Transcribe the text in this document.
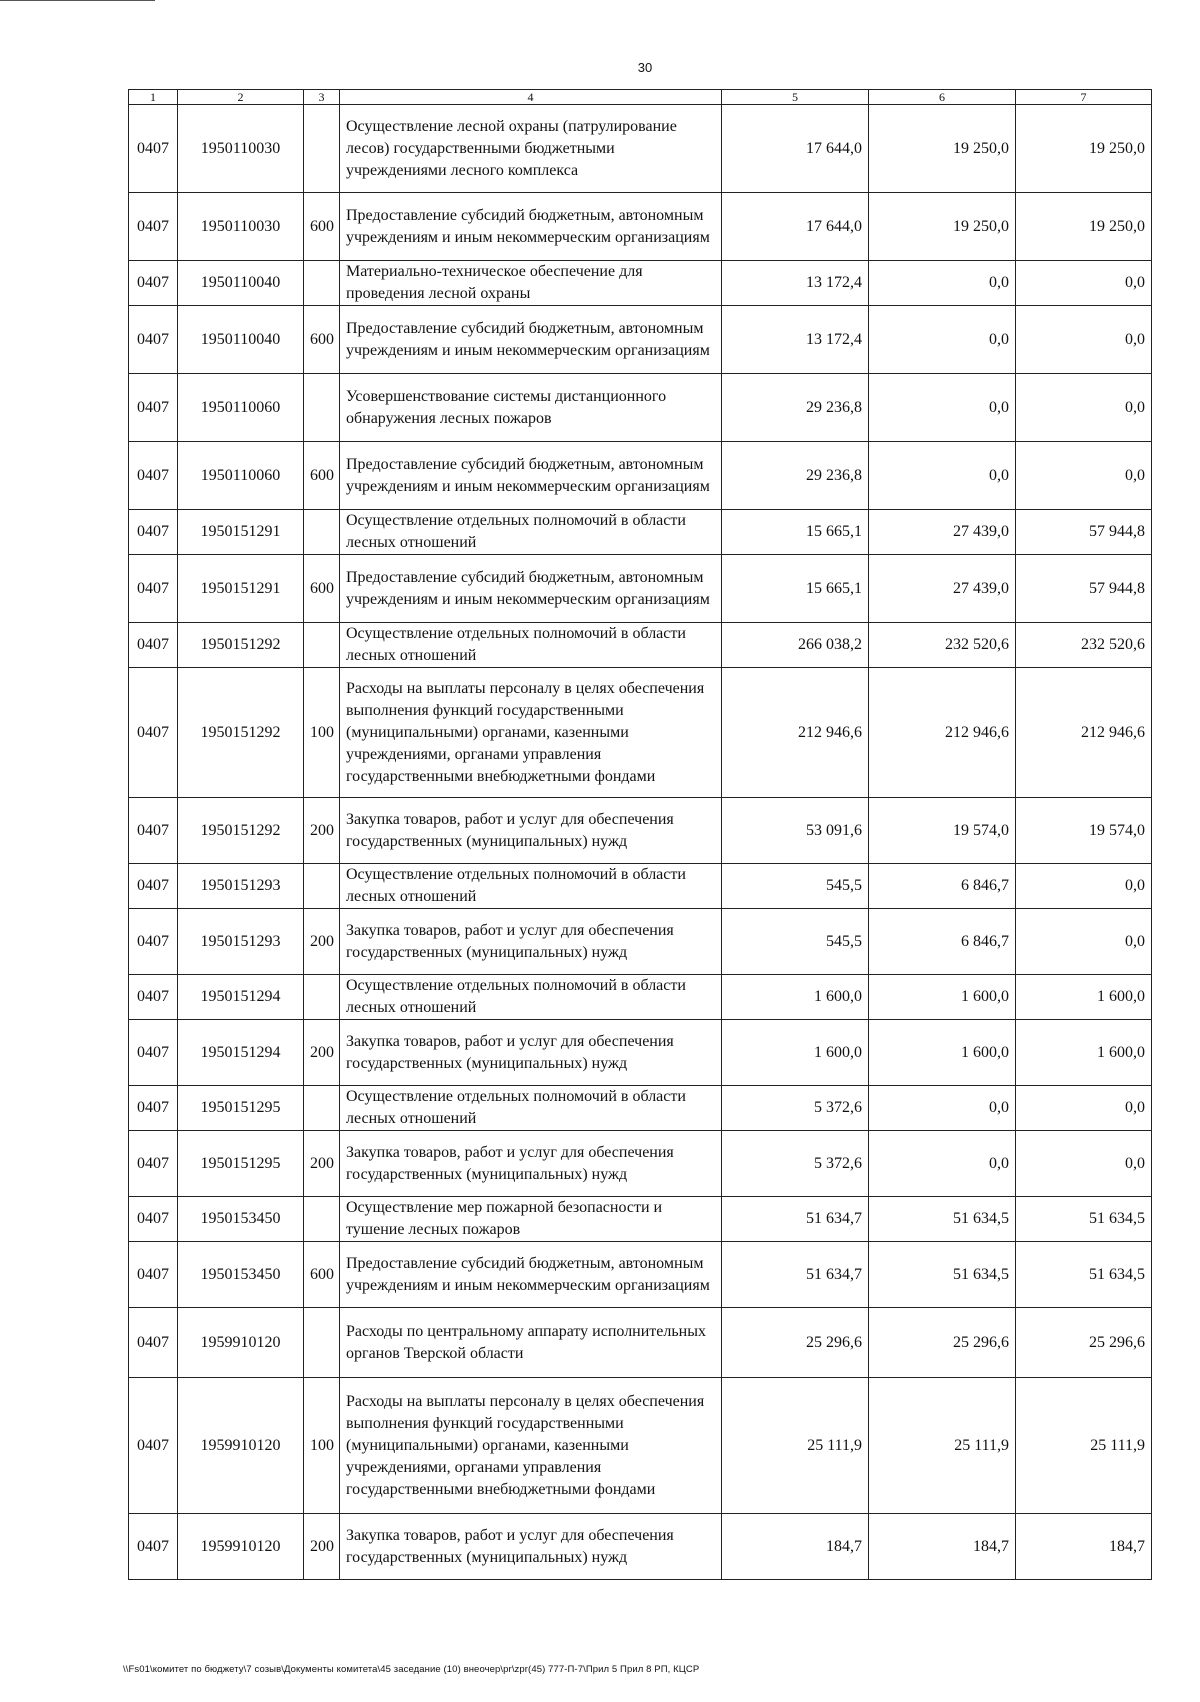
30
1	2	3	4	5	6	7
0407	1950110030		Осуществление лесной охраны (патрулирование лесов) государственными бюджетными учреждениями лесного комплекса	17 644,0	19 250,0	19 250,0
0407	1950110030	600	Предоставление субсидий бюджетным, автономным учреждениям и иным некоммерческим организациям	17 644,0	19 250,0	19 250,0
0407	1950110040		Материально-техническое обеспечение для проведения лесной охраны	13 172,4	0,0	0,0
0407	1950110040	600	Предоставление субсидий бюджетным, автономным учреждениям и иным некоммерческим организациям	13 172,4	0,0	0,0
0407	1950110060		Усовершенствование системы дистанционного обнаружения лесных пожаров	29 236,8	0,0	0,0
0407	1950110060	600	Предоставление субсидий бюджетным, автономным учреждениям и иным некоммерческим организациям	29 236,8	0,0	0,0
0407	1950151291		Осуществление отдельных полномочий в области лесных отношений	15 665,1	27 439,0	57 944,8
0407	1950151291	600	Предоставление субсидий бюджетным, автономным учреждениям и иным некоммерческим организациям	15 665,1	27 439,0	57 944,8
0407	1950151292		Осуществление отдельных полномочий в области лесных отношений	266 038,2	232 520,6	232 520,6
0407	1950151292	100	Расходы на выплаты персоналу в целях обеспечения выполнения функций государственными (муниципальными) органами, казенными учреждениями, органами управления государственными внебюджетными фондами	212 946,6	212 946,6	212 946,6
0407	1950151292	200	Закупка товаров, работ и услуг для обеспечения государственных (муниципальных) нужд	53 091,6	19 574,0	19 574,0
0407	1950151293		Осуществление отдельных полномочий в области лесных отношений	545,5	6 846,7	0,0
0407	1950151293	200	Закупка товаров, работ и услуг для обеспечения государственных (муниципальных) нужд	545,5	6 846,7	0,0
0407	1950151294		Осуществление отдельных полномочий в области лесных отношений	1 600,0	1 600,0	1 600,0
0407	1950151294	200	Закупка товаров, работ и услуг для обеспечения государственных (муниципальных) нужд	1 600,0	1 600,0	1 600,0
0407	1950151295		Осуществление отдельных полномочий в области лесных отношений	5 372,6	0,0	0,0
0407	1950151295	200	Закупка товаров, работ и услуг для обеспечения государственных (муниципальных) нужд	5 372,6	0,0	0,0
0407	1950153450		Осуществление мер пожарной безопасности и тушение лесных пожаров	51 634,7	51 634,5	51 634,5
0407	1950153450	600	Предоставление субсидий бюджетным, автономным учреждениям и иным некоммерческим организациям	51 634,7	51 634,5	51 634,5
0407	1959910120		Расходы по центральному аппарату исполнительных органов Тверской области	25 296,6	25 296,6	25 296,6
0407	1959910120	100	Расходы на выплаты персоналу в целях обеспечения выполнения функций государственными (муниципальными) органами, казенными учреждениями, органами управления государственными внебюджетными фондами	25 111,9	25 111,9	25 111,9
0407	1959910120	200	Закупка товаров, работ и услуг для обеспечения государственных (муниципальных) нужд	184,7	184,7	184,7
\\Fs01\комитет по бюджету\7 созыв\Документы комитета\45 заседание (10) внеочер\pr\zpr(45) 777-П-7\Прил 5 Прил 8 РП, КЦСР
